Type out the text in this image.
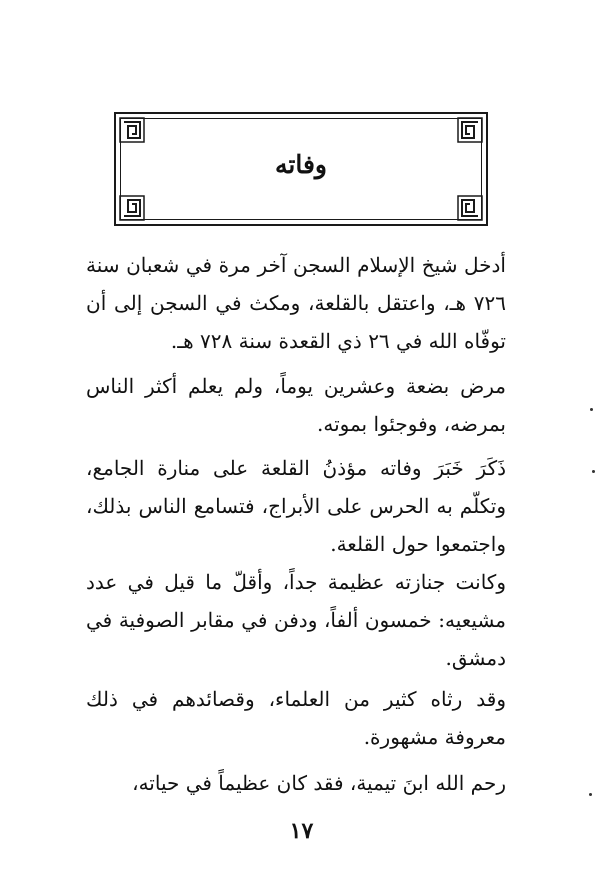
وفاته
أدخل شيخ الإسلام السجن آخر مرة في شعبان سنة ٧٢٦ هـ، واعتقل بالقلعة، ومكث في السجن إلى أن توفّاه الله في ٢٦ ذي القعدة سنة ٧٢٨ هـ.
مرض بضعة وعشرين يوماً، ولم يعلم أكثر الناس بمرضه، وفوجئوا بموته.
ذَكَرَ خَبَرَ وفاته مؤذنُ القلعة على منارة الجامع، وتكلّم به الحرس على الأبراج، فتسامع الناس بذلك، واجتمعوا حول القلعة.
وكانت جنازته عظيمة جداً، وأقلّ ما قيل في عدد مشيعيه: خمسون ألفاً، ودفن في مقابر الصوفية في دمشق.
وقد رثاه كثير من العلماء، وقصائدهم في ذلك معروفة مشهورة.
رحم الله ابنَ تيمية، فقد كان عظيماً في حياته،
١٧
